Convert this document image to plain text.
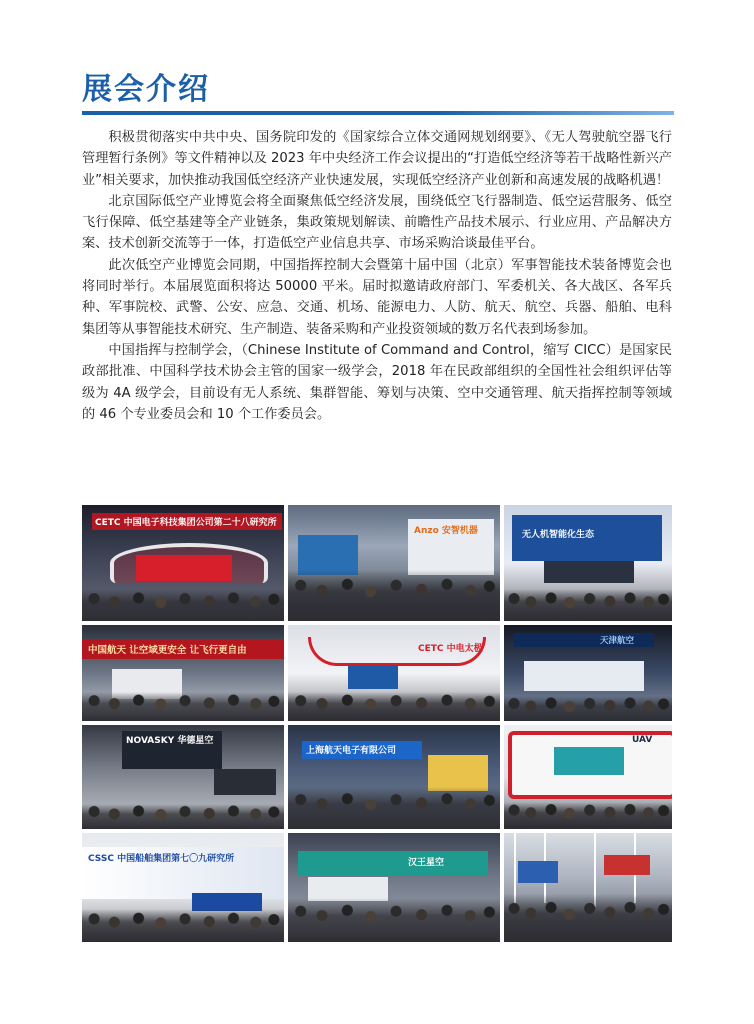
展会介绍

积极贯彻落实中共中央、国务院印发的《国家综合立体交通网规划纲要》、《无人驾驶航空器飞行管理暂行条例》等文件精神以及 2023 年中央经济工作会议提出的“打造低空经济等若干战略性新兴产业”相关要求，加快推动我国低空经济产业快速发展，实现低空经济产业创新和高速发展的战略机遇！

北京国际低空产业博览会将全面聚焦低空经济发展，围绕低空飞行器制造、低空运营服务、低空飞行保障、低空基建等全产业链条，集政策规划解读、前瞻性产品技术展示、行业应用、产品解决方案、技术创新交流等于一体，打造低空产业信息共享、市场采购洽谈最佳平台。

此次低空产业博览会同期，中国指挥控制大会暨第十届中国（北京）军事智能技术装备博览会也将同时举行。本届展览面积将达 50000 平米。届时拟邀请政府部门、军委机关、各大战区、各军兵种、军事院校、武警、公安、应急、交通、机场、能源电力、人防、航天、航空、兵器、船舶、电科集团等从事智能技术研究、生产制造、装备采购和产业投资领域的数万名代表到场参加。

中国指挥与控制学会，（Chinese Institute of Command and Control，缩写 CICC）是国家民政部批准、中国科学技术协会主管的国家一级学会，2018 年在民政部组织的全国性社会组织评估等级为 4A 级学会，目前设有无人系统、集群智能、筹划与决策、空中交通管理、航天指挥控制等领域的 46 个专业委员会和 10 个工作委员会。

CETC 中国电子科技集团公司第二十八研究所
Anzo 安智机器	无人机智能化生态
中国航天 让空域更安全 让飞行更自由	CETC 中电太极
天津航空
NOVASKY 华德星空
上海航天电子有限公司
UAV
CSSC 中国船舶集团第七〇九研究所	汉王星空
